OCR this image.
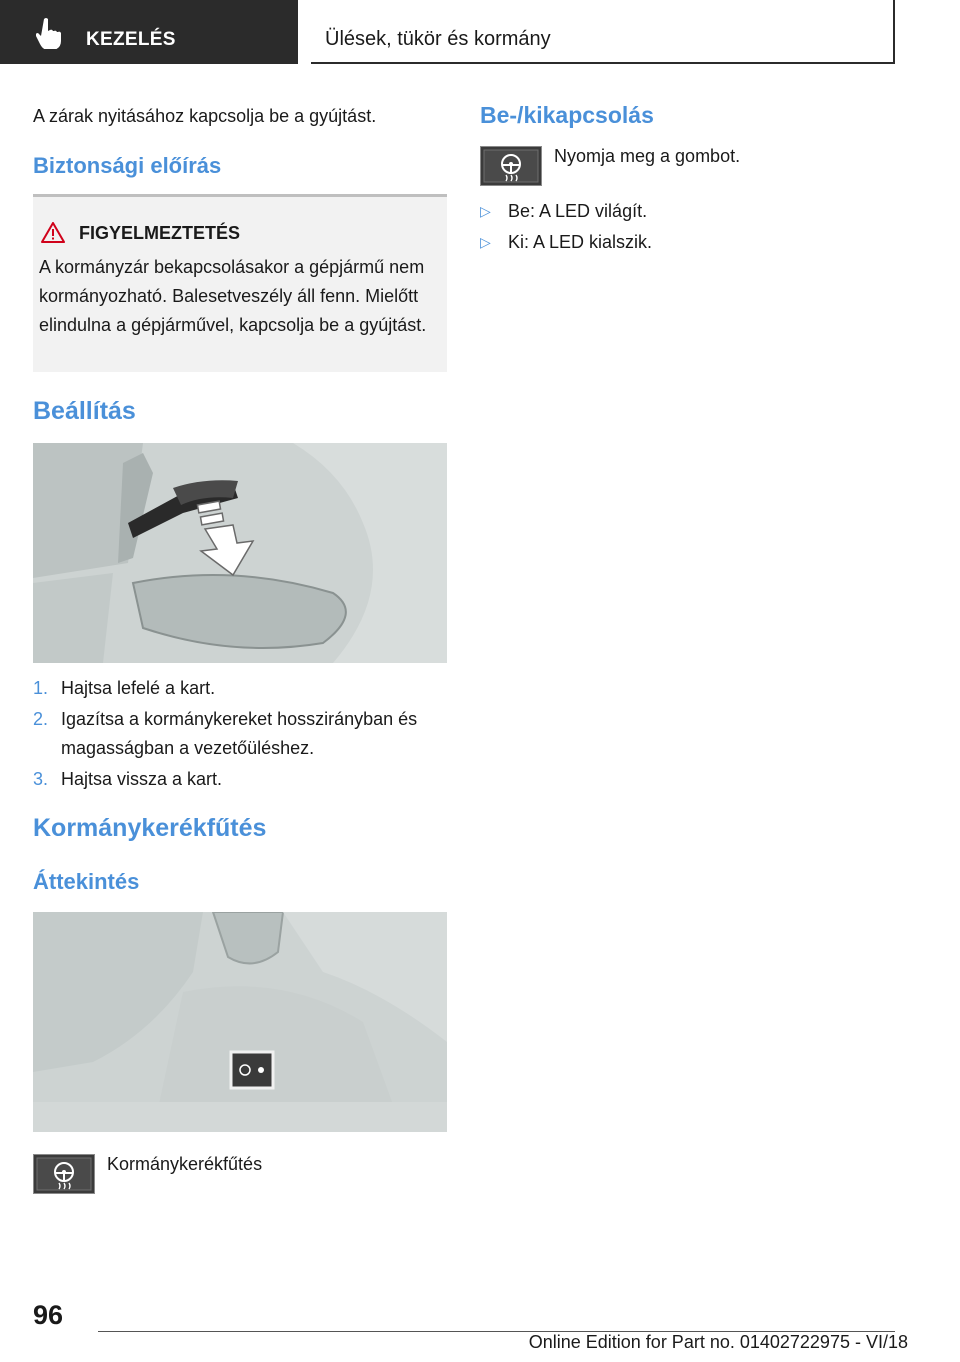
KEZELÉS	Ülések, tükör és kormány

A zárak nyitásához kapcsolja be a gyújtást.

Biztonsági előírás
FIGYELMEZTETÉS
A kormányzár bekapcsolásakor a gépjármű nem kormányozható. Balesetveszély áll fenn. Mielőtt elindulna a gépjárművel, kapcsolja be a gyújtást.
Beállítás
1. Hajtsa lefelé a kart.
2. Igazítsa a kormánykereket hosszirányban és magasságban a vezetőüléshez.
3. Hajtsa vissza a kart.
Kormánykerékfűtés
Áttekintés
Kormánykerékfűtés
Be-/kikapcsolás
Nyomja meg a gombot.
▷ Be: A LED világít.
▷ Ki: A LED kialszik.
96
Online Edition for Part no. 01402722975 - VI/18
